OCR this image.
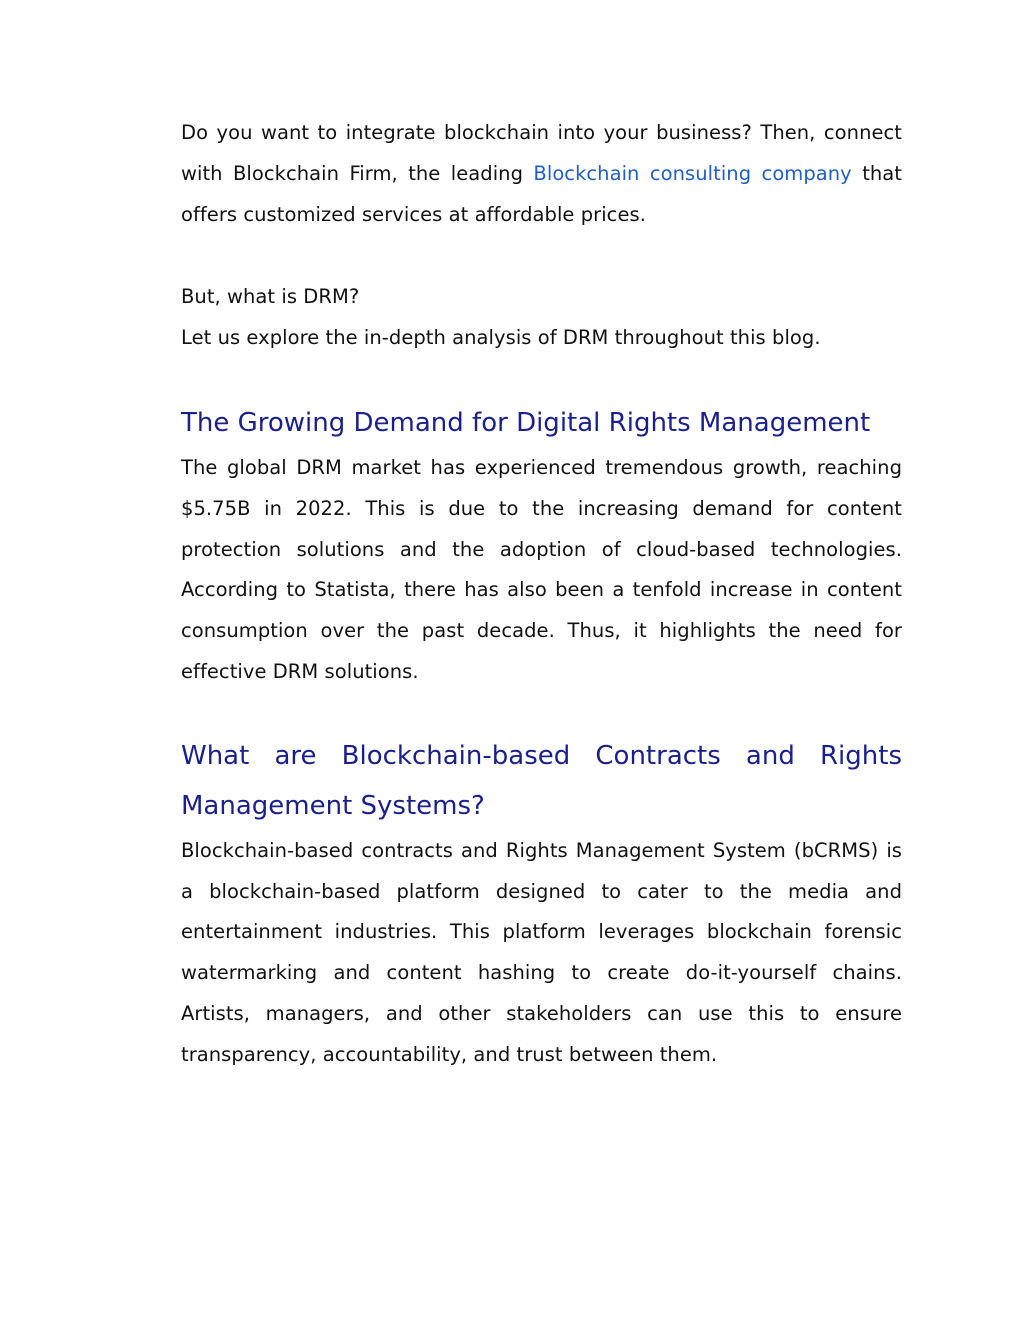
Do you want to integrate blockchain into your business? Then, connect with Blockchain Firm, the leading Blockchain consulting company that offers customized services at affordable prices.

But, what is DRM?

Let us explore the in-depth analysis of DRM throughout this blog.

The Growing Demand for Digital Rights Management

The global DRM market has experienced tremendous growth, reaching $5.75B in 2022. This is due to the increasing demand for content protection solutions and the adoption of cloud-based technologies. According to Statista, there has also been a tenfold increase in content consumption over the past decade. Thus, it highlights the need for effective DRM solutions.

What are Blockchain-based Contracts and Rights Management Systems?

Blockchain-based contracts and Rights Management System (bCRMS) is a blockchain-based platform designed to cater to the media and entertainment industries. This platform leverages blockchain forensic watermarking and content hashing to create do-it-yourself chains. Artists, managers, and other stakeholders can use this to ensure transparency, accountability, and trust between them.
